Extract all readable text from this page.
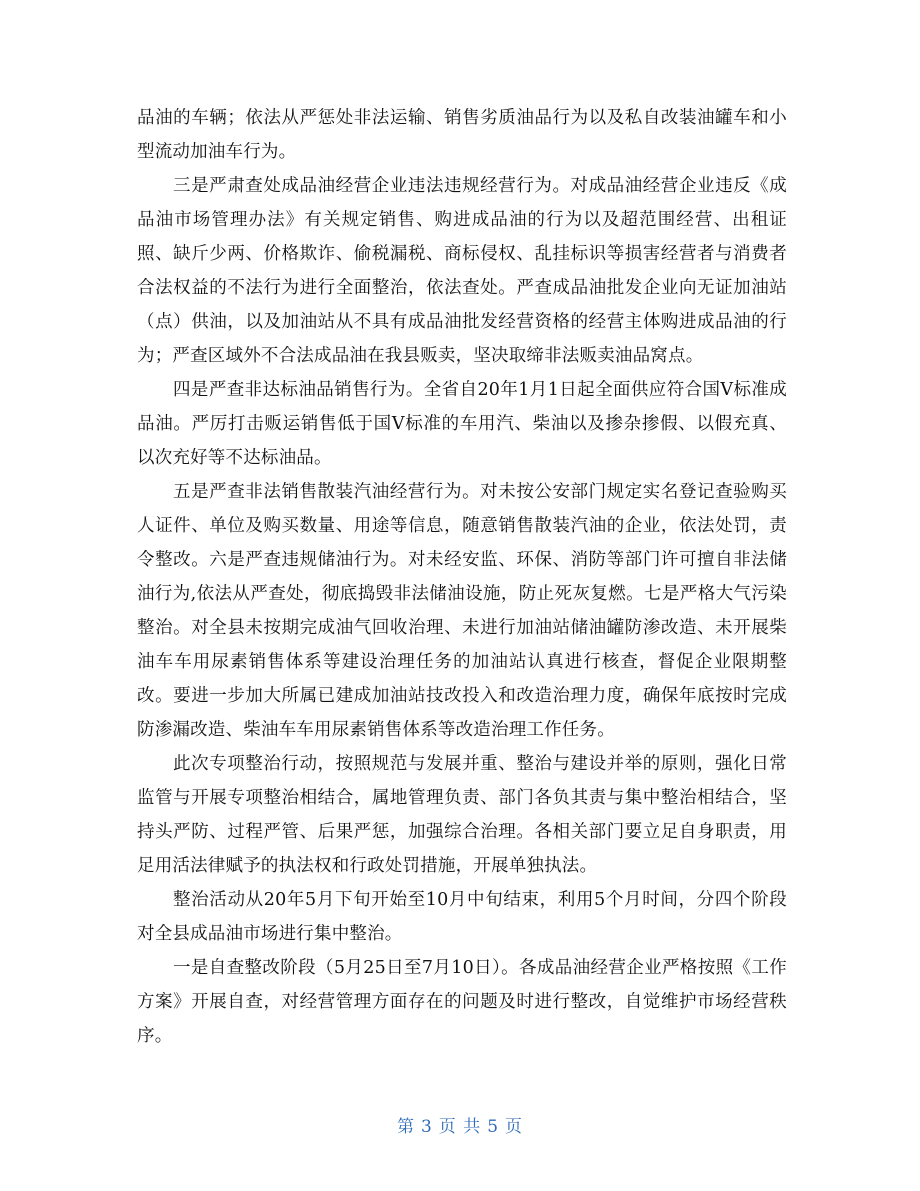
品油的车辆；依法从严惩处非法运输、销售劣质油品行为以及私自改装油罐车和小型流动加油车行为。

三是严肃查处成品油经营企业违法违规经营行为。对成品油经营企业违反《成品油市场管理办法》有关规定销售、购进成品油的行为以及超范围经营、出租证照、缺斤少两、价格欺诈、偷税漏税、商标侵权、乱挂标识等损害经营者与消费者合法权益的不法行为进行全面整治，依法查处。严查成品油批发企业向无证加油站（点）供油，以及加油站从不具有成品油批发经营资格的经营主体购进成品油的行为；严查区域外不合法成品油在我县贩卖，坚决取缔非法贩卖油品窝点。

四是严查非达标油品销售行为。全省自20年1月1日起全面供应符合国Ⅴ标准成品油。严厉打击贩运销售低于国Ⅴ标准的车用汽、柴油以及掺杂掺假、以假充真、以次充好等不达标油品。

五是严查非法销售散装汽油经营行为。对未按公安部门规定实名登记查验购买人证件、单位及购买数量、用途等信息，随意销售散装汽油的企业，依法处罚，责令整改。六是严查违规储油行为。对未经安监、环保、消防等部门许可擅自非法储油行为,依法从严查处，彻底捣毁非法储油设施，防止死灰复燃。七是严格大气污染整治。对全县未按期完成油气回收治理、未进行加油站储油罐防渗改造、未开展柴油车车用尿素销售体系等建设治理任务的加油站认真进行核查，督促企业限期整改。要进一步加大所属已建成加油站技改投入和改造治理力度，确保年底按时完成防渗漏改造、柴油车车用尿素销售体系等改造治理工作任务。

此次专项整治行动，按照规范与发展并重、整治与建设并举的原则，强化日常监管与开展专项整治相结合，属地管理负责、部门各负其责与集中整治相结合，坚持头严防、过程严管、后果严惩，加强综合治理。各相关部门要立足自身职责，用足用活法律赋予的执法权和行政处罚措施，开展单独执法。

整治活动从20年5月下旬开始至10月中旬结束，利用5个月时间，分四个阶段对全县成品油市场进行集中整治。

一是自查整改阶段（5月25日至7月10日）。各成品油经营企业严格按照《工作方案》开展自查，对经营管理方面存在的问题及时进行整改，自觉维护市场经营秩序。

第 3 页 共 5 页
